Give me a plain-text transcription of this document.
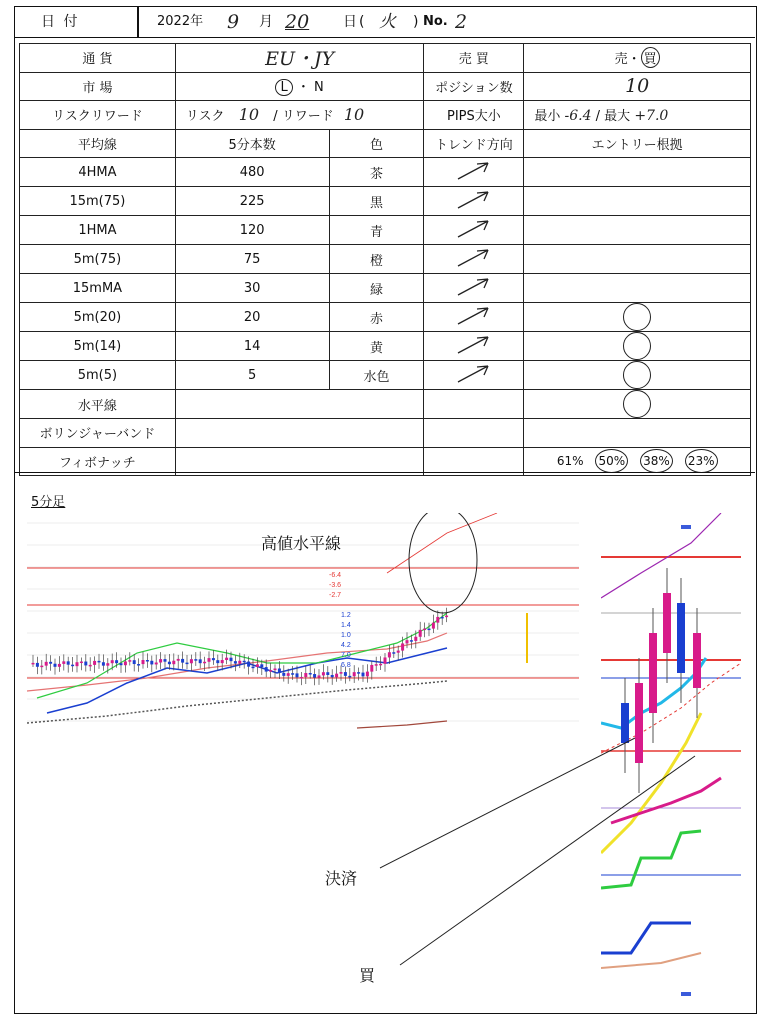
日 付	2022年 9 月 20 日 ( 火 ) No. 2
通 貨	EU・JY		売 買	売・ 買
市 場	L ・ N		ポジション数	10
リスクリワード	リスク 10 / リワード 10		PIPS大小	最小 -6.4 / 最大 +7.0
平均線	5分本数	色	トレンド方向	エントリー根拠
4HMA	480	茶		
15m(75)	225	黒		
1HMA	120	青		
5m(75)	75	橙		
15mMA	30	緑		
5m(20)	20	赤		
5m(14)	14	黄		
5m(5)	5	水色		
水平線				
ボリンジャーバンド				
フィボナッチ				61% 50% 38% 23%
5分足
-6.4
-3.6
-2.7
1.2
1.4
1.0
4.2
7.0
6.8
高値水平線
決済
買
